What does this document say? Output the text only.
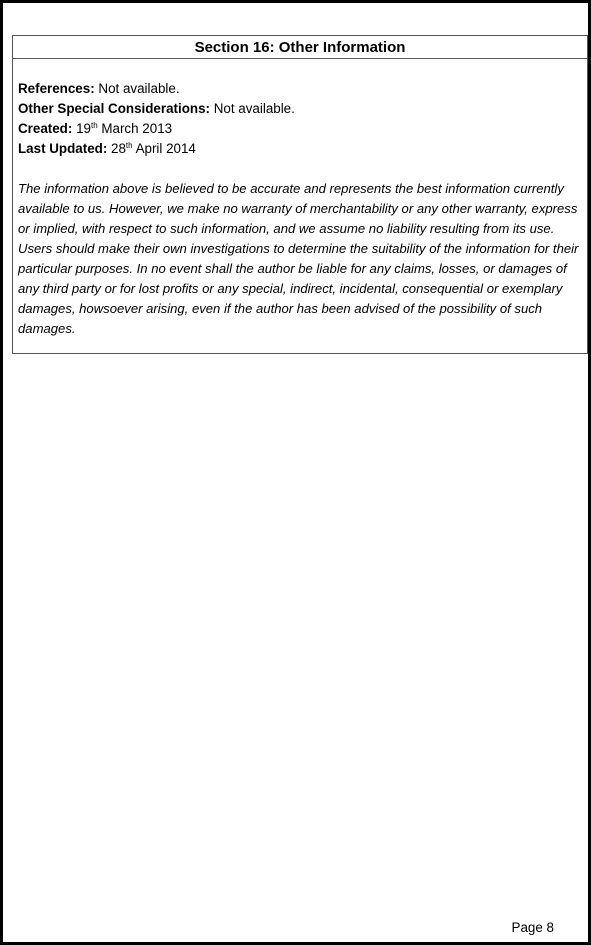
Section 16: Other Information
References: Not available.
Other Special Considerations: Not available.
Created: 19th March 2013
Last Updated: 28th April 2014
The information above is believed to be accurate and represents the best information currently available to us. However, we make no warranty of merchantability or any other warranty, express or implied, with respect to such information, and we assume no liability resulting from its use. Users should make their own investigations to determine the suitability of the information for their particular purposes. In no event shall the author be liable for any claims, losses, or damages of any third party or for lost profits or any special, indirect, incidental, consequential or exemplary damages, howsoever arising, even if the author has been advised of the possibility of such damages.
Page 8
